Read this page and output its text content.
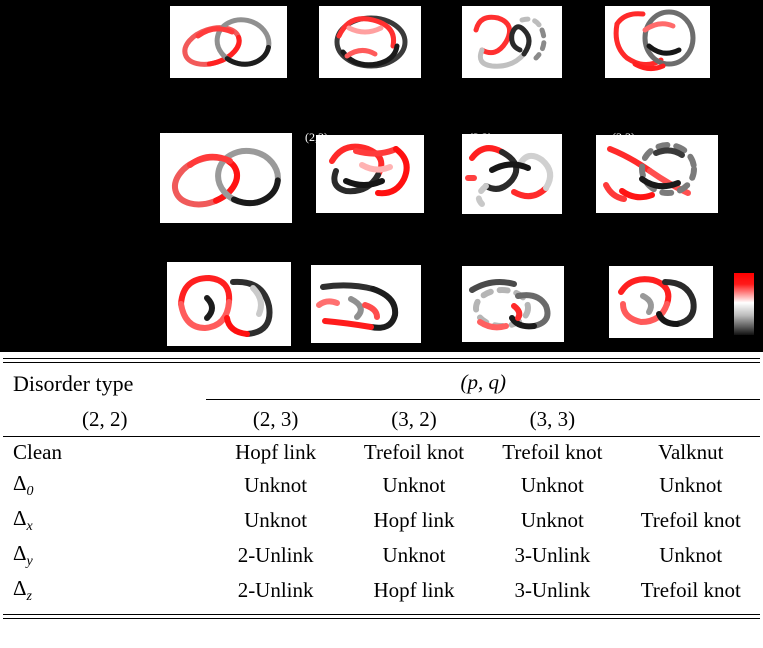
(2,2)	(2,3)	(3,2)	(3,3)

Disorder type	(p, q)			

(2, 2)	(2, 3)	(3, 2)	(3, 3)	

Clean	Hopf link	Trefoil knot	Trefoil knot	Valknut
$\Delta_0$	Unknot	Unknot	Unknot	Unknot
$\Delta_x$	Unknot	Hopf link	Unknot	Trefoil knot
$\Delta_y$	2-Unlink	Unknot	3-Unlink	Unknot
$\Delta_z$	2-Unlink	Hopf link	3-Unlink	Trefoil knot
